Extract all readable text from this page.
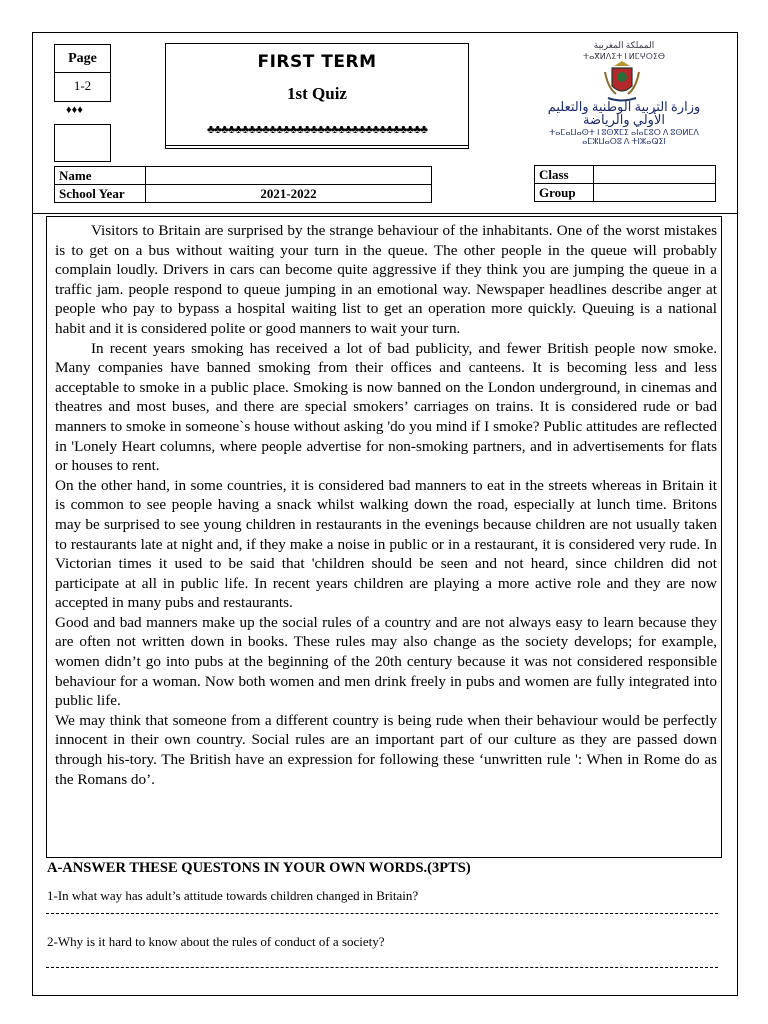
Page
1-2
♦♦♦
FIRST TERM
1st Quiz
♣♣♣♣♣♣♣♣♣♣♣♣♣♣♣♣♣♣♣♣♣♣♣♣♣♣♣♣♣♣♣♣
المملكة المغربية
ⵜⴰⴳⵍⴷⵉⵜ ⵏ ⵍⵎⵖⵔⵉⴱ
وزارة التربية الوطنية والتعليم الأولي والرياضة
ⵜⴰⵎⴰⵡⴰⵙⵜ ⵏ ⵓⵙⴳⵎⵉ ⴰⵏⴰⵎⵓⵔ ⴷ ⵓⵙⵍⵎⴷ ⴰⵎⵣⵡⴰⵔⵓ ⴷ ⵜⵏⵣⴰⵕⵉⵏ
Name	
School Year	2021-2022
Class	
Group	

Visitors to Britain are surprised by the strange behaviour of the inhabitants. One of the worst mistakes is to get on a bus without waiting your turn in the queue. The other people in the queue will probably complain loudly. Drivers in cars can become quite aggressive if they think you are jumping the queue in a traffic jam. people respond to queue jumping in an emotional way. Newspaper headlines describe anger at people who pay to bypass a hospital waiting list to get an operation more quickly. Queuing is a national habit and it is considered polite or good manners to wait your turn.

In recent years smoking has received a lot of bad publicity, and fewer British people now smoke. Many companies have banned smoking from their offices and canteens. It is becoming less and less acceptable to smoke in a public place. Smoking is now banned on the London underground, in cinemas and theatres and most buses, and there are special smokers’ carriages on trains. It is considered rude or bad manners to smoke in someone`s house without asking 'do you mind if I smoke? Public attitudes are reflected in 'Lonely Heart columns, where people advertise for non-smoking partners, and in advertisements for flats or houses to rent.

On the other hand, in some countries, it is considered bad manners to eat in the streets whereas in Britain it is common to see people having a snack whilst walking down the road, especially at lunch time. Britons may be surprised to see young children in restaurants in the evenings because children are not usually taken to restaurants late at night and, if they make a noise in public or in a restaurant, it is considered very rude. In Victorian times it used to be said that 'children should be seen and not heard, since children did not participate at all in public life. In recent years children are playing a more active role and they are now accepted in many pubs and restaurants.

Good and bad manners make up the social rules of a country and are not always easy to learn because they are often not written down in books. These rules may also change as the society develops; for example, women didn’t go into pubs at the beginning of the 20th century because it was not considered responsible behaviour for a woman. Now both women and men drink freely in pubs and women are fully integrated into public life.

We may think that someone from a different country is being rude when their behaviour would be perfectly innocent in their own country. Social rules are an important part of our culture as they are passed down through his-tory. The British have an expression for following these ‘unwritten rule ': When in Rome do as the Romans do’.

A-ANSWER THESE QUESTONS IN YOUR OWN WORDS.(3PTS)
1-In what way has adult’s attitude towards children changed in Britain?
2-Why is it hard to know about the rules of conduct of a society?
